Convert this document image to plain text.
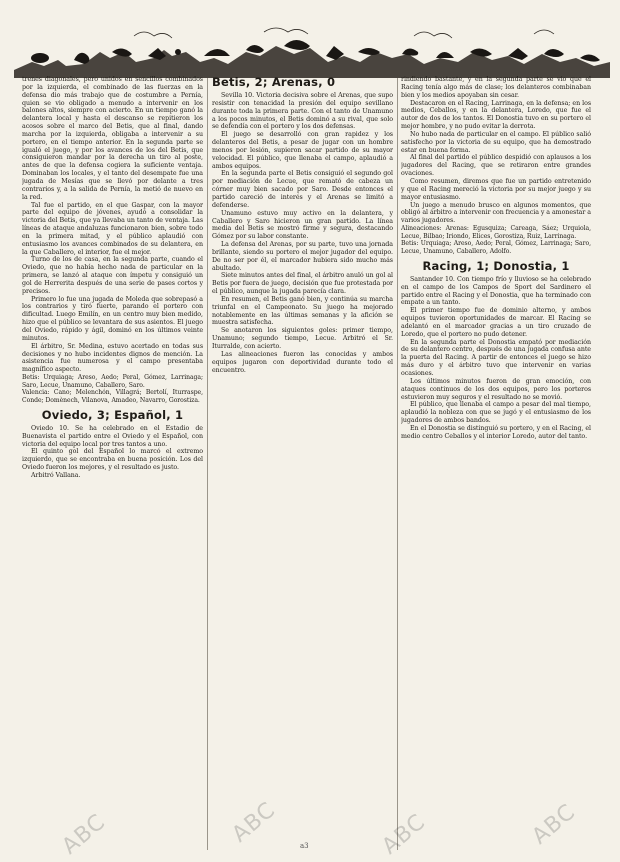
trenes diagonales, pero unidos en sencillos combinados por la izquierda, el combinado de las fuerzas en la defensa dio más trabajo que de costumbre a Pernía, quien se vio obligado a menudo a intervenir en los balones altos, siempre con acierto. En un tiempo ganó la delantera local y hasta el descanso se repitieron los acosos sobre el marco del Betis, que al final, dando marcha por la izquierda, obligaba a intervenir a su portero, en el tiempo anterior. En la segunda parte se igualó el juego, y por los avances de los del Betis, que consiguieron mandar por la derecha un tiro al poste, antes de que la defensa cogiera la suficiente ventaja. Dominaban los locales, y el tanto del desempate fue una jugada de Mesías que se llevó por delante a tres contrarios y, a la salida de Pernía, la metió de nuevo en la red.

Tal fue el partido, en el que Gaspar, con la mayor parte del equipo de jóvenes, ayudó a consolidar la victoria del Betis, que ya llevaba un tanto de ventaja. Las líneas de ataque andaluzas funcionaron bien, sobre todo en la primera mitad, y el público aplaudió con entusiasmo los avances combinados de su delantera, en la que Caballero, el interior, fue el mejor.

Turno de los de casa, en la segunda parte, cuando el Oviedo, que no había hecho nada de particular en la primera, se lanzó al ataque con ímpetu y consiguió un gol de Herrerita después de una serie de pases cortos y precisos.

Primero lo fue una jugada de Moleda que sobrepasó a los contrarios y tiró fuerte, parando el portero con dificultad. Luego Emilín, en un centro muy bien medido, hizo que el público se levantara de sus asientos. El juego del Oviedo, rápido y ágil, dominó en los últimos veinte minutos.

El árbitro, Sr. Medina, estuvo acertado en todas sus decisiones y no hubo incidentes dignos de mención. La asistencia fue numerosa y el campo presentaba magnífico aspecto.

Betis: Urquiaga; Areso, Aedo; Peral, Gómez, Larrinaga; Saro, Lecue, Unamuno, Caballero, Saro.

Valencia: Cano; Melenchón, Villagrá; Bertolí, Iturraspe, Conde; Domènech, Vilanova, Amadeo, Navarro, Gorostiza.

Oviedo, 3; Español, 1

Oviedo 10. Se ha celebrado en el Estadio de Buenavista el partido entre el Oviedo y el Español, con victoria del equipo local por tres tantos a uno.

El quinto gol del Español lo marcó el extremo izquierdo, que se encontraba en buena posición. Los del Oviedo fueron los mejores, y el resultado es justo.

Arbitró Vallana.

Betis, 2; Arenas, 0

Sevilla 10. Victoria decisiva sobre el Arenas, que supo resistir con tenacidad la presión del equipo sevillano durante toda la primera parte. Con el tanto de Unamuno a los pocos minutos, el Betis dominó a su rival, que solo se defendía con el portero y los dos defensas.

El juego se desarrolló con gran rapidez y los delanteros del Betis, a pesar de jugar con un hombre menos por lesión, supieron sacar partido de su mayor velocidad. El público, que llenaba el campo, aplaudió a ambos equipos.

En la segunda parte el Betis consiguió el segundo gol por mediación de Lecue, que remató de cabeza un córner muy bien sacado por Saro. Desde entonces el partido careció de interés y el Arenas se limitó a defenderse.

Unamuno estuvo muy activo en la delantera, y Caballero y Saro hicieron un gran partido. La línea media del Betis se mostró firme y segura, destacando Gómez por su labor constante.

La defensa del Arenas, por su parte, tuvo una jornada brillante, siendo su portero el mejor jugador del equipo. De no ser por él, el marcador hubiera sido mucho más abultado.

Siete minutos antes del final, el árbitro anuló un gol al Betis por fuera de juego, decisión que fue protestada por el público, aunque la jugada parecía clara.

En resumen, el Betis ganó bien, y continúa su marcha triunfal en el Campeonato. Su juego ha mejorado notablemente en las últimas semanas y la afición se muestra satisfecha.

Se anotaron los siguientes goles: primer tiempo, Unamuno; segundo tiempo, Lecue. Arbitró el Sr. Iturralde, con acierto.

Las alineaciones fueron las conocidas y ambos equipos jugaron con deportividad durante todo el encuentro.

rindiendo bastante, y en la segunda parte se vio que el Racing tenía algo más de clase; los delanteros combinaban bien y los medios apoyaban sin cesar.

Destacaron en el Racing, Larrinaga, en la defensa; en los medios, Ceballos, y en la delantera, Loredo, que fue el autor de dos de los tantos. El Donostia tuvo en su portero el mejor hombre, y no pudo evitar la derrota.

No hubo nada de particular en el campo. El público salió satisfecho por la victoria de su equipo, que ha demostrado estar en buena forma.

Al final del partido el público despidió con aplausos a los jugadores del Racing, que se retiraron entre grandes ovaciones.

Como resumen, diremos que fue un partido entretenido y que el Racing mereció la victoria por su mejor juego y su mayor entusiasmo.

Un juego a menudo brusco en algunos momentos, que obligó al árbitro a intervenir con frecuencia y a amonestar a varios jugadores.

Alineaciones: Arenas: Egusquiza; Careaga, Sáez; Urquiola, Lecue, Bilbao; Iriondo, Elices, Gorostiza, Ruiz, Larrinaga.

Betis: Urquiaga; Areso, Aedo; Peral, Gómez, Larrinaga; Saro, Lecue, Unamuno, Caballero, Adolfo.

Racing, 1; Donostia, 1

Santander 10. Con tiempo frío y lluvioso se ha celebrado en el campo de los Campos de Sport del Sardinero el partido entre el Racing y el Donostia, que ha terminado con empate a un tanto.

El primer tiempo fue de dominio alterno, y ambos equipos tuvieron oportunidades de marcar. El Racing se adelantó en el marcador gracias a un tiro cruzado de Loredo, que el portero no pudo detener.

En la segunda parte el Donostia empató por mediación de su delantero centro, después de una jugada confusa ante la puerta del Racing. A partir de entonces el juego se hizo más duro y el árbitro tuvo que intervenir en varias ocasiones.

Los últimos minutos fueron de gran emoción, con ataques continuos de los dos equipos, pero los porteros estuvieron muy seguros y el resultado no se movió.

El público, que llenaba el campo a pesar del mal tiempo, aplaudió la nobleza con que se jugó y el entusiasmo de los jugadores de ambos bandos.

En el Donostia se distinguió su portero, y en el Racing, el medio centro Ceballos y el interior Loredo, autor del tanto.

ABC	ABC	ABC	ABC
a3
